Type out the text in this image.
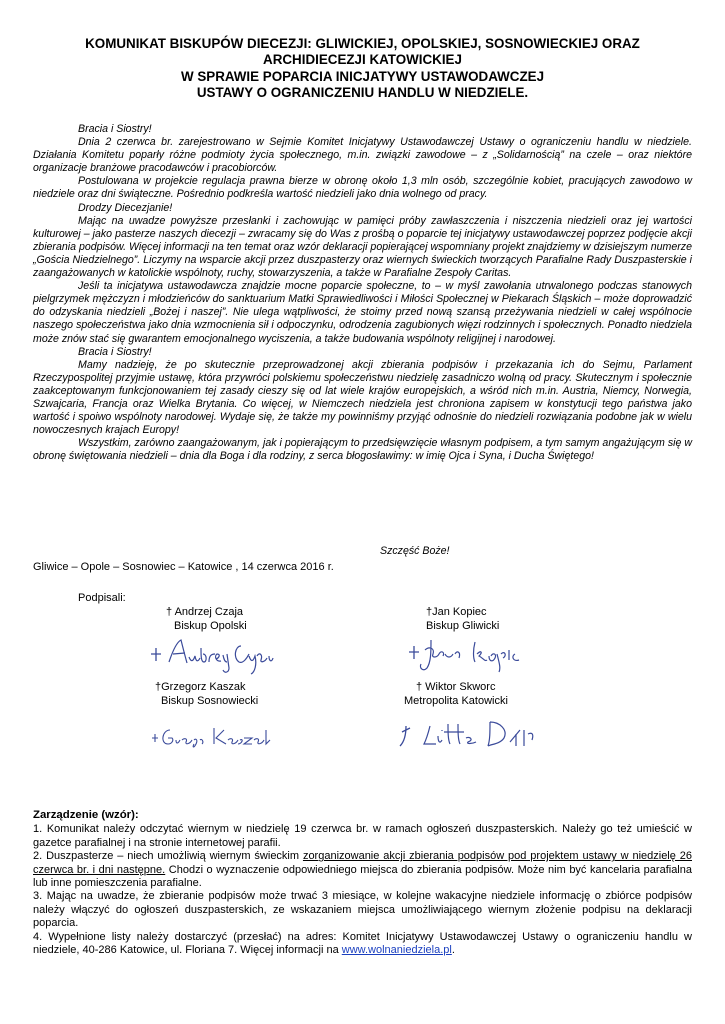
KOMUNIKAT BISKUPÓW DIECEZJI: GLIWICKIEJ, OPOLSKIEJ, SOSNOWIECKIEJ ORAZ
ARCHIDIECEZJI KATOWICKIEJ
W SPRAWIE POPARCIA INICJATYWY USTAWODAWCZEJ
USTAWY O OGRANICZENIU HANDLU W NIEDZIELE.

Bracia i Siostry!

Dnia 2 czerwca br. zarejestrowano w Sejmie Komitet Inicjatywy Ustawodawczej Ustawy o ograniczeniu handlu w niedziele. Działania Komitetu poparły różne podmioty życia społecznego, m.in. związki zawodowe – z „Solidarnością” na czele – oraz niektóre organizacje branżowe pracodawców i pracobiorców.

Postulowana w projekcie regulacja prawna bierze w obronę około 1,3 mln osób, szczególnie kobiet, pracujących zawodowo w niedziele oraz dni świąteczne. Pośrednio podkreśla wartość niedzieli jako dnia wolnego od pracy.

Drodzy Diecezjanie!

Mając na uwadze powyższe przesłanki i zachowując w pamięci próby zawłaszczenia i niszczenia niedzieli oraz jej wartości kulturowej – jako pasterze naszych diecezji – zwracamy się do Was z prośbą o poparcie tej inicjatywy ustawodawczej poprzez podjęcie akcji zbierania podpisów. Więcej informacji na ten temat oraz wzór deklaracji popierającej wspomniany projekt znajdziemy w dzisiejszym numerze „Gościa Niedzielnego”. Liczymy na wsparcie akcji przez duszpasterzy oraz wiernych świeckich tworzących Parafialne Rady Duszpasterskie i zaangażowanych w katolickie wspólnoty, ruchy, stowarzyszenia, a także w Parafialne Zespoły Caritas.

Jeśli ta inicjatywa ustawodawcza znajdzie mocne poparcie społeczne, to – w myśl zawołania utrwalonego podczas stanowych pielgrzymek mężczyzn i młodzieńców do sanktuarium Matki Sprawiedliwości i Miłości Społecznej w Piekarach Śląskich – może doprowadzić do odzyskania niedzieli „Bożej i naszej”. Nie ulega wątpliwości, że stoimy przed nową szansą przeżywania niedzieli w całej wspólnocie naszego społeczeństwa jako dnia wzmocnienia sił i odpoczynku, odrodzenia zagubionych więzi rodzinnych i społecznych. Ponadto niedziela może znów stać się gwarantem emocjonalnego wyciszenia, a także budowania wspólnoty religijnej i narodowej.

Bracia i Siostry!

Mamy nadzieję, że po skutecznie przeprowadzonej akcji zbierania podpisów i przekazania ich do Sejmu, Parlament Rzeczypospolitej przyjmie ustawę, która przywróci polskiemu społeczeństwu niedzielę zasadniczo wolną od pracy. Skutecznym i społecznie zaakceptowanym funkcjonowaniem tej zasady cieszy się od lat wiele krajów europejskich, a wśród nich m.in. Austria, Niemcy, Norwegia, Szwajcaria, Francja oraz Wielka Brytania. Co więcej, w Niemczech niedziela jest chroniona zapisem w konstytucji tego państwa jako wartość i spoiwo wspólnoty narodowej. Wydaje się, że także my powinniśmy przyjąć odnośnie do niedzieli rozwiązania podobne jak w wielu nowoczesnych krajach Europy!

Wszystkim, zarówno zaangażowanym, jak i popierającym to przedsięwzięcie własnym podpisem, a tym samym angażującym się w obronę świętowania niedzieli – dnia dla Boga i dla rodziny, z serca błogosławimy: w imię Ojca i Syna, i Ducha Świętego!

Szczęść Boże!
Gliwice – Opole – Sosnowiec – Katowice , 14 czerwca 2016 r.
Podpisali:
† Andrzej Czaja
Biskup Opolski
†Jan Kopiec
Biskup Gliwicki
†Grzegorz Kaszak
Biskup Sosnowiecki
† Wiktor Skworc
Metropolita Katowicki
Zarządzenie (wzór):

1. Komunikat należy odczytać wiernym w niedzielę 19 czerwca br. w ramach ogłoszeń duszpasterskich. Należy go też umieścić w gazetce parafialnej i na stronie internetowej parafii.

2. Duszpasterze – niech umożliwią wiernym świeckim zorganizowanie akcji zbierania podpisów pod projektem ustawy w niedzielę 26 czerwca br. i dni następne. Chodzi o wyznaczenie odpowiedniego miejsca do zbierania podpisów. Może nim być kancelaria parafialna lub inne pomieszczenia parafialne.

3. Mając na uwadze, że zbieranie podpisów może trwać 3 miesiące, w kolejne wakacyjne niedziele informację o zbiórce podpisów należy włączyć do ogłoszeń duszpasterskich, ze wskazaniem miejsca umożliwiającego wiernym złożenie podpisu na deklaracji poparcia.

4. Wypełnione listy należy dostarczyć (przesłać) na adres: Komitet Inicjatywy Ustawodawczej Ustawy o ograniczeniu handlu w niedziele, 40-286 Katowice, ul. Floriana 7. Więcej informacji na www.wolnaniedziela.pl.
